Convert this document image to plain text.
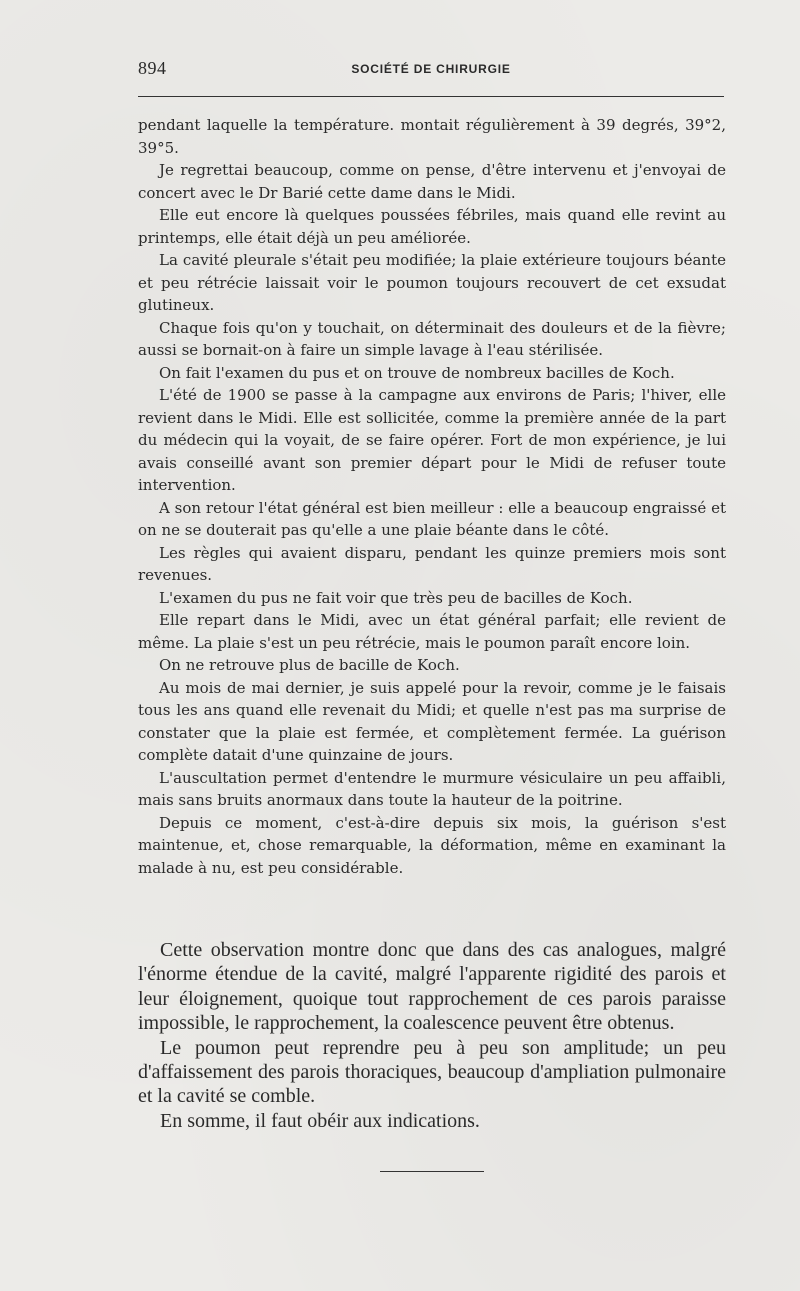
894	SOCIÉTÉ DE CHIRURGIE

pendant laquelle la température. montait régulièrement à 39 degrés, 39°2, 39°5.

Je regrettai beaucoup, comme on pense, d'être intervenu et j'envoyai de concert avec le Dr Barié cette dame dans le Midi.

Elle eut encore là quelques poussées fébriles, mais quand elle revint au printemps, elle était déjà un peu améliorée.

La cavité pleurale s'était peu modifiée; la plaie extérieure toujours béante et peu rétrécie laissait voir le poumon toujours recouvert de cet exsudat glutineux.

Chaque fois qu'on y touchait, on déterminait des douleurs et de la fièvre; aussi se bornait-on à faire un simple lavage à l'eau stérilisée.

On fait l'examen du pus et on trouve de nombreux bacilles de Koch.

L'été de 1900 se passe à la campagne aux environs de Paris; l'hiver, elle revient dans le Midi. Elle est sollicitée, comme la première année de la part du médecin qui la voyait, de se faire opérer. Fort de mon expérience, je lui avais conseillé avant son premier départ pour le Midi de refuser toute intervention.

A son retour l'état général est bien meilleur : elle a beaucoup engraissé et on ne se douterait pas qu'elle a une plaie béante dans le côté.

Les règles qui avaient disparu, pendant les quinze premiers mois sont revenues.

L'examen du pus ne fait voir que très peu de bacilles de Koch.

Elle repart dans le Midi, avec un état général parfait; elle revient de même. La plaie s'est un peu rétrécie, mais le poumon paraît encore loin.

On ne retrouve plus de bacille de Koch.

Au mois de mai dernier, je suis appelé pour la revoir, comme je le faisais tous les ans quand elle revenait du Midi; et quelle n'est pas ma surprise de constater que la plaie est fermée, et complètement fermée. La guérison complète datait d'une quinzaine de jours.

L'auscultation permet d'entendre le murmure vésiculaire un peu affaibli, mais sans bruits anormaux dans toute la hauteur de la poitrine.

Depuis ce moment, c'est-à-dire depuis six mois, la guérison s'est maintenue, et, chose remarquable, la déformation, même en examinant la malade à nu, est peu considérable.

Cette observation montre donc que dans des cas analogues, malgré l'énorme étendue de la cavité, malgré l'apparente rigidité des parois et leur éloignement, quoique tout rapprochement de ces parois paraisse impossible, le rapprochement, la coalescence peuvent être obtenus.

Le poumon peut reprendre peu à peu son amplitude; un peu d'affaissement des parois thoraciques, beaucoup d'ampliation pulmonaire et la cavité se comble.

En somme, il faut obéir aux indications.
